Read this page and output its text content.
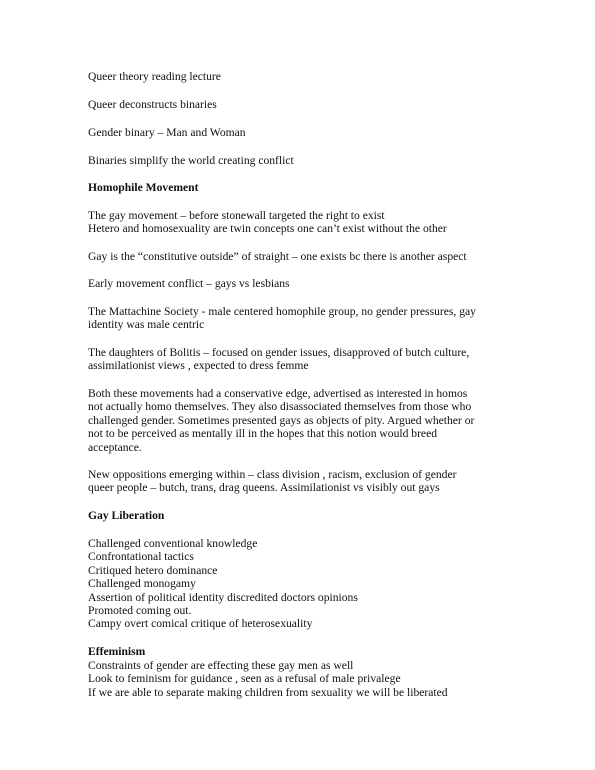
Queer theory reading lecture

Queer deconstructs binaries

Gender binary – Man and Woman

Binaries simplify the world creating conflict

Homophile Movement

The gay movement – before stonewall targeted the right to exist
Hetero and homosexuality are twin concepts one can’t exist without the other

Gay is the “constitutive outside” of straight – one exists bc there is another aspect

Early movement conflict – gays vs lesbians

The Mattachine Society - male centered homophile group, no gender pressures, gay
identity was male centric

The daughters of Bolitis – focused on gender issues, disapproved of butch culture,
assimilationist views , expected to dress femme

Both these movements had a conservative edge, advertised as interested in homos
not actually homo themselves. They also disassociated themselves from those who
challenged gender. Sometimes presented gays as objects of pity. Argued whether or
not to be perceived as mentally ill in the hopes that this notion would breed
acceptance.

New oppositions emerging within – class division , racism, exclusion of gender
queer people – butch, trans, drag queens. Assimilationist vs visibly out gays

Gay Liberation

Challenged conventional knowledge
Confrontational tactics
Critiqued hetero dominance
Challenged monogamy
Assertion of political identity discredited doctors opinions
Promoted coming out.
Campy overt comical critique of heterosexuality

Effeminism

Constraints of gender are effecting these gay men as well
Look to feminism for guidance , seen as a refusal of male privalege
If we are able to separate making children from sexuality we will be liberated
